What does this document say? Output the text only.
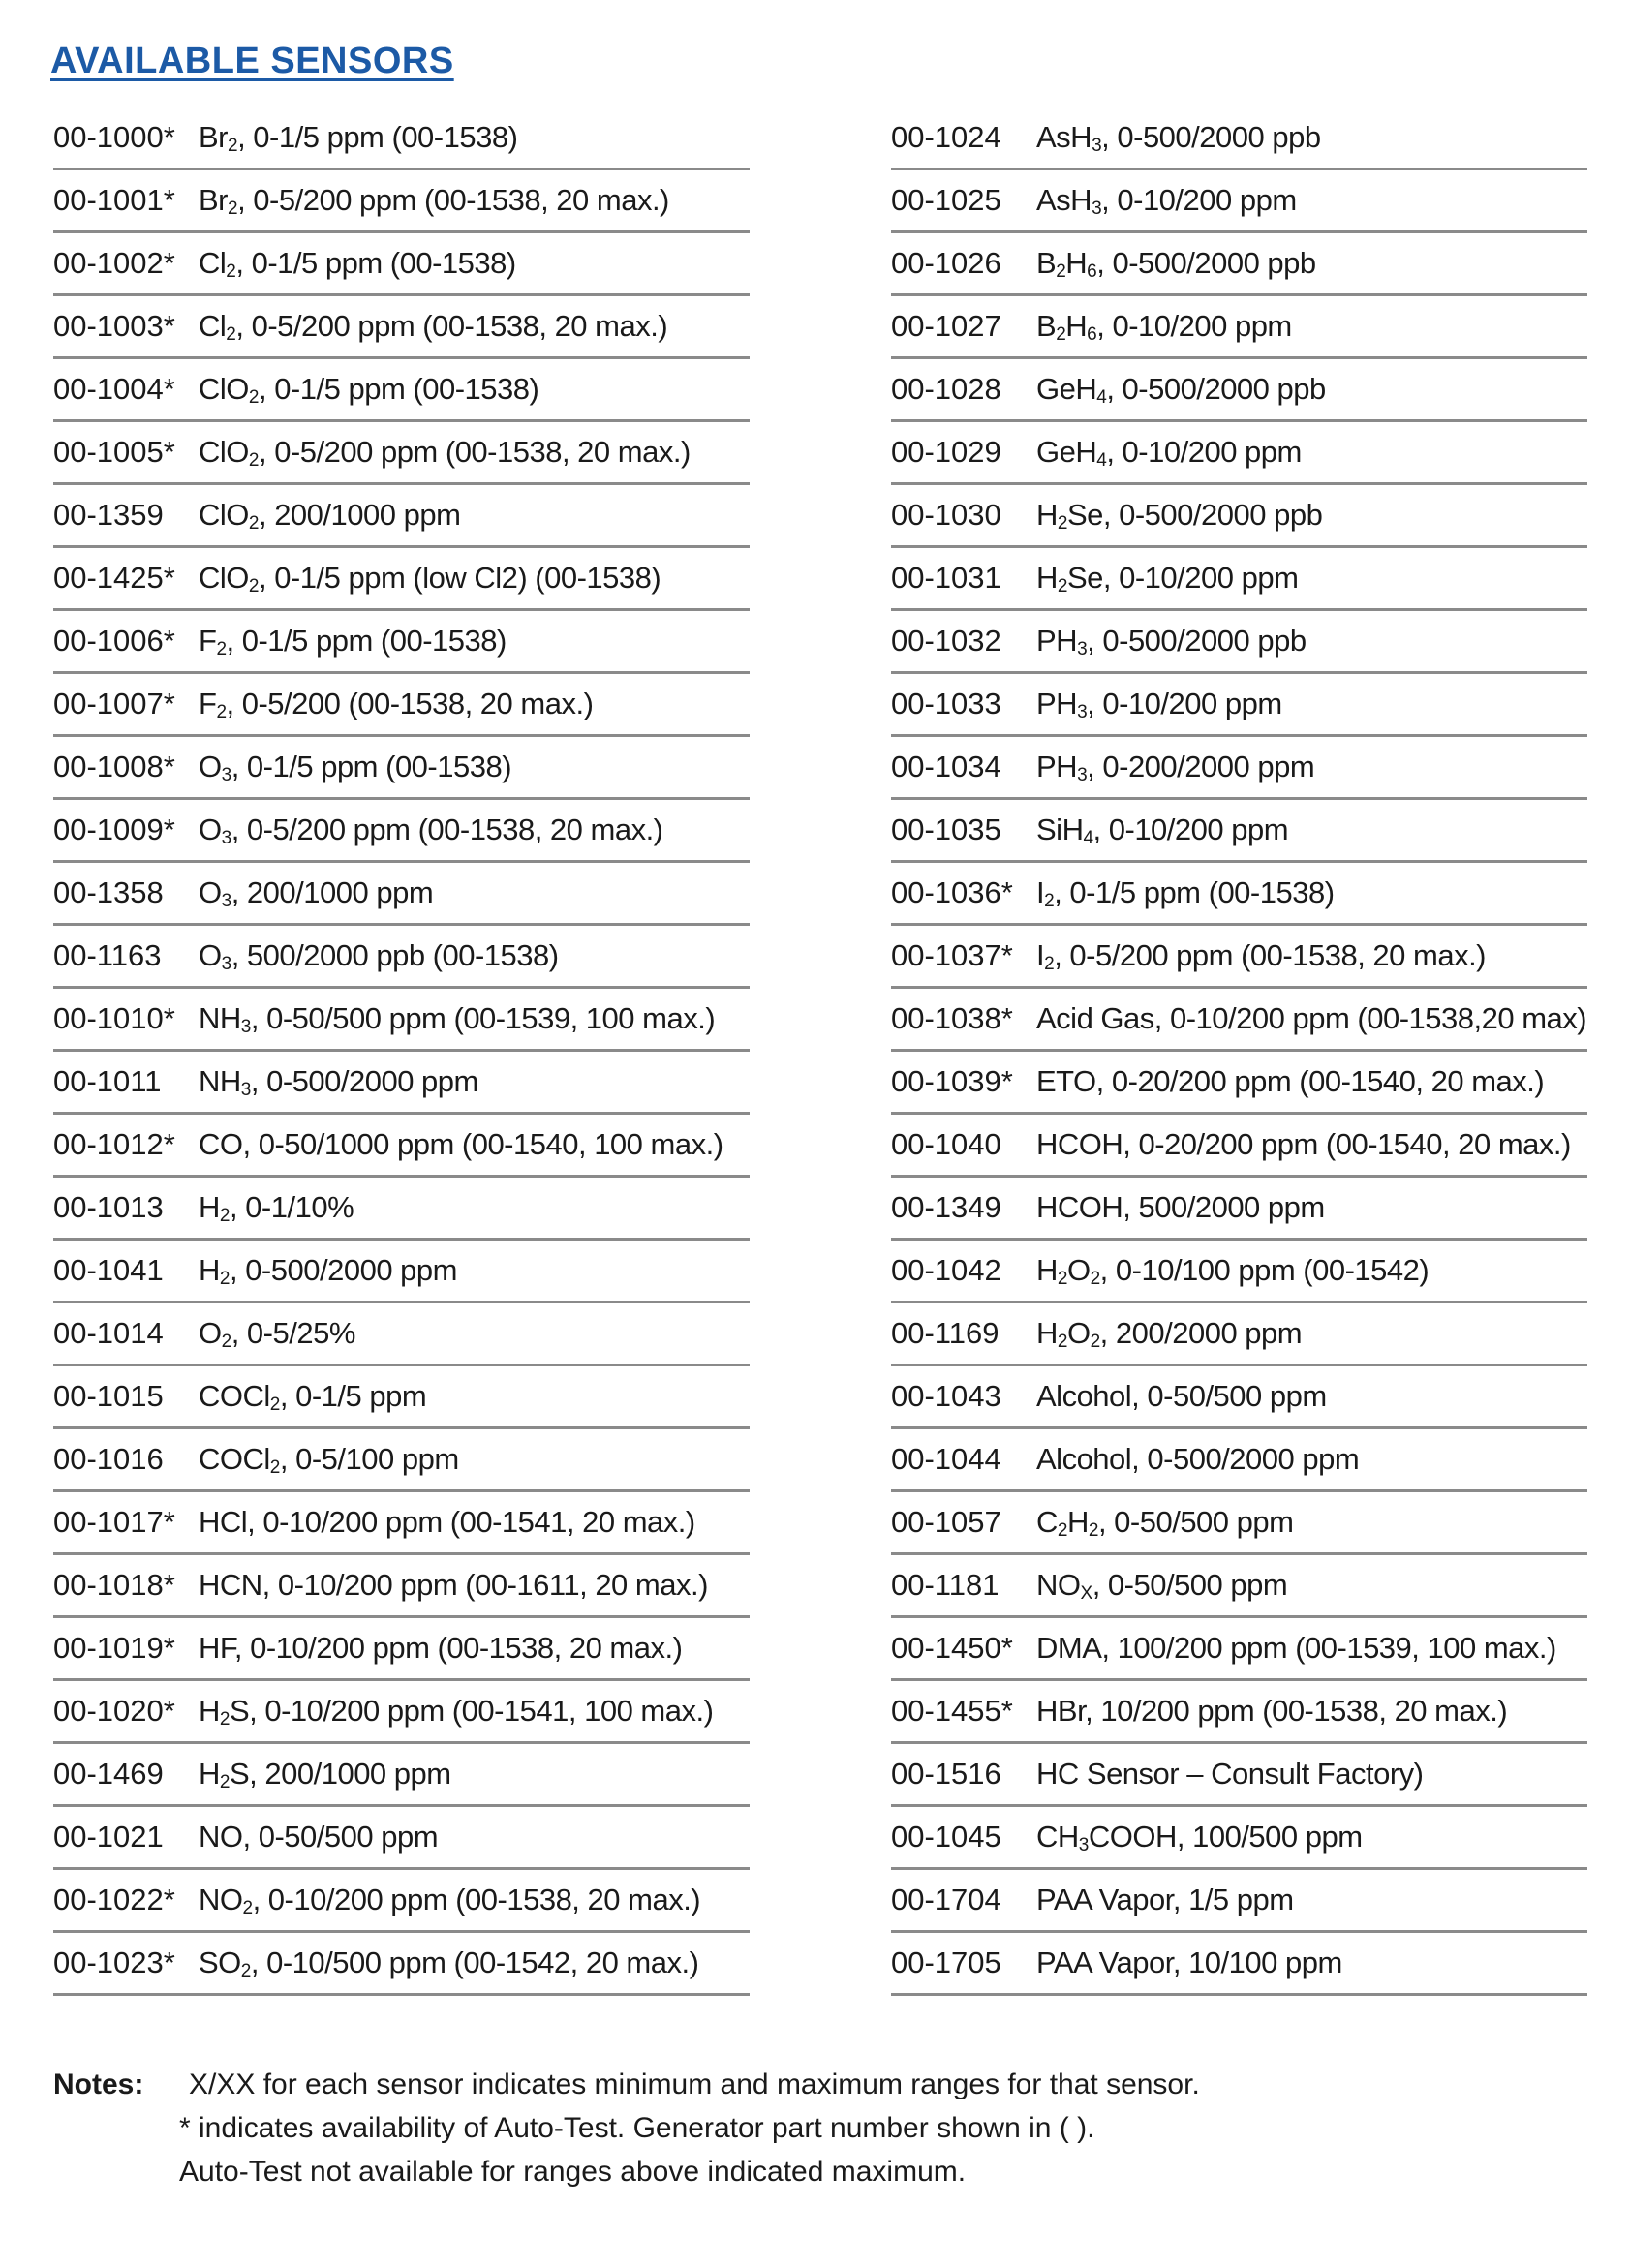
AVAILABLE SENSORS
00-1000* $Br_2$, 0-1/5 ppm (00-1538)
00-1001* $Br_2$, 0-5/200 ppm (00-1538, 20 max.)
00-1002* $Cl_2$, 0-1/5 ppm (00-1538)
00-1003* $Cl_2$, 0-5/200 ppm (00-1538, 20 max.)
00-1004* ClO$_2$, 0-1/5 ppm (00-1538)
00-1005* ClO$_2$, 0-5/200 ppm (00-1538, 20 max.)
00-1359	ClO$_2$, 200/1000 ppm
00-1425* ClO$_2$, 0-1/5 ppm (low Cl2) (00-1538)
00-1006* $F_2$, 0-1/5 ppm (00-1538)
00-1007* $F_2$, 0-5/200 (00-1538, 20 max.)
00-1008* $O_3$, 0-1/5 ppm (00-1538)
00-1009* $O_3$, 0-5/200 ppm (00-1538, 20 max.)
00-1358	$O_3$, 200/1000 ppm
00-1163	$O_3$, 500/2000 ppb (00-1538)
00-1010* $NH_3$, 0-50/500 ppm (00-1539, 100 max.)
00-1011	$NH_3$, 0-500/2000 ppm
00-1012* CO, 0-50/1000 ppm (00-1540, 100 max.)
00-1013	$H_2$, 0-1/10%
00-1041	$H_2$, 0-500/2000 ppm
00-1014	$O_2$, 0-5/25%
00-1015	COCl$_2$, 0-1/5 ppm
00-1016	COCl$_2$, 0-5/100 ppm
00-1017* HCl, 0-10/200 ppm (00-1541, 20 max.)
00-1018* HCN, 0-10/200 ppm (00-1611, 20 max.)
00-1019* HF, 0-10/200 ppm (00-1538, 20 max.)
00-1020* $H_2S$, 0-10/200 ppm (00-1541, 100 max.)
00-1469	$H_2S$, 200/1000 ppm
00-1021	NO, 0-50/500 ppm
00-1022* $NO_2$, 0-10/200 ppm (00-1538, 20 max.)
00-1023* $SO_2$, 0-10/500 ppm (00-1542, 20 max.)
00-1024	AsH$_3$, 0-500/2000 ppb
00-1025	AsH$_3$, 0-10/200 ppm
00-1026	$B_2H_6$, 0-500/2000 ppb
00-1027	$B_2H_6$, 0-10/200 ppm
00-1028	GeH$_4$, 0-500/2000 ppb
00-1029	GeH$_4$, 0-10/200 ppm
00-1030	$H_2Se$, 0-500/2000 ppb
00-1031	$H_2Se$, 0-10/200 ppm
00-1032	$PH_3$, 0-500/2000 ppb
00-1033	$PH_3$, 0-10/200 ppm
00-1034	$PH_3$, 0-200/2000 ppm
00-1035	SiH$_4$, 0-10/200 ppm
00-1036* $I_2$, 0-1/5 ppm (00-1538)
00-1037* $I_2$, 0-5/200 ppm (00-1538, 20 max.)
00-1038* Acid Gas, 0-10/200 ppm (00-1538,20 max)
00-1039* ETO, 0-20/200 ppm (00-1540, 20 max.)
00-1040	HCOH, 0-20/200 ppm (00-1540, 20 max.)
00-1349	HCOH, 500/2000 ppm
00-1042	$H_2O_2$, 0-10/100 ppm (00-1542)
00-1169	$H_2O_2$, 200/2000 ppm
00-1043	Alcohol, 0-50/500 ppm
00-1044	Alcohol, 0-500/2000 ppm
00-1057	$C_2H_2$, 0-50/500 ppm
00-1181	$NO_X$, 0-50/500 ppm
00-1450* DMA, 100/200 ppm (00-1539, 100 max.)
00-1455* HBr, 10/200 ppm (00-1538, 20 max.)
00-1516	HC Sensor – Consult Factory)
00-1045	$CH_3COOH$, 100/500 ppm
00-1704	PAA Vapor, 1/5 ppm
00-1705	PAA Vapor, 10/100 ppm
Notes: X/XX for each sensor indicates minimum and maximum ranges for that sensor.
* indicates availability of Auto-Test. Generator part number shown in ( ).
Auto-Test not available for ranges above indicated maximum.
